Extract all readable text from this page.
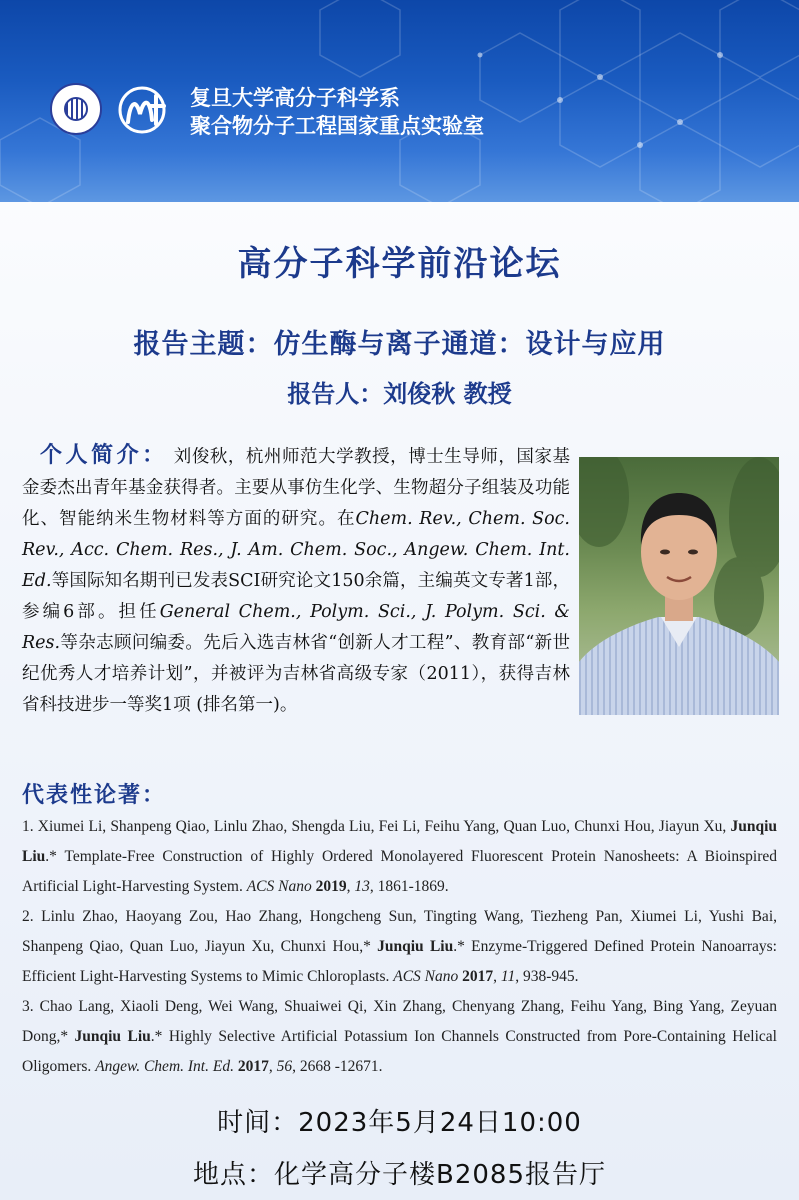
复旦大学高分子科学系
聚合物分子工程国家重点实验室
高分子科学前沿论坛
报告主题：仿生酶与离子通道：设计与应用
报告人：刘俊秋 教授
个人简介： 刘俊秋，杭州师范大学教授，博士生导师，国家基金委杰出青年基金获得者。主要从事仿生化学、生物超分子组装及功能化、智能纳米生物材料等方面的研究。在Chem. Rev., Chem. Soc. Rev., Acc. Chem. Res., J. Am. Chem. Soc., Angew. Chem. Int. Ed.等国际知名期刊已发表SCI研究论文150余篇，主编英文专著1部，参编6部。担任General Chem., Polym. Sci., J. Polym. Sci. & Res.等杂志顾问编委。先后入选吉林省“创新人才工程”、教育部“新世纪优秀人才培养计划”，并被评为吉林省高级专家（2011），获得吉林省科技进步一等奖1项 (排名第一)。
代表性论著：

1. Xiumei Li, Shanpeng Qiao, Linlu Zhao, Shengda Liu, Fei Li, Feihu Yang, Quan Luo, Chunxi Hou, Jiayun Xu, Junqiu Liu.* Template-Free Construction of Highly Ordered Monolayered Fluorescent Protein Nanosheets: A Bioinspired Artificial Light-Harvesting System. ACS Nano 2019, 13, 1861-1869.

2. Linlu Zhao, Haoyang Zou, Hao Zhang, Hongcheng Sun, Tingting Wang, Tiezheng Pan, Xiumei Li, Yushi Bai, Shanpeng Qiao, Quan Luo, Jiayun Xu, Chunxi Hou,* Junqiu Liu.* Enzyme-Triggered Defined Protein Nanoarrays: Efficient Light-Harvesting Systems to Mimic Chloroplasts. ACS Nano 2017, 11, 938-945.

3. Chao Lang, Xiaoli Deng, Wei Wang, Shuaiwei Qi, Xin Zhang, Chenyang Zhang, Feihu Yang, Bing Yang, Zeyuan Dong,* Junqiu Liu.* Highly Selective Artificial Potassium Ion Channels Constructed from Pore-Containing Helical Oligomers. Angew. Chem. Int. Ed. 2017, 56, 2668 -12671.

时间：2023年5月24日10:00
地点：化学高分子楼B2085报告厅
